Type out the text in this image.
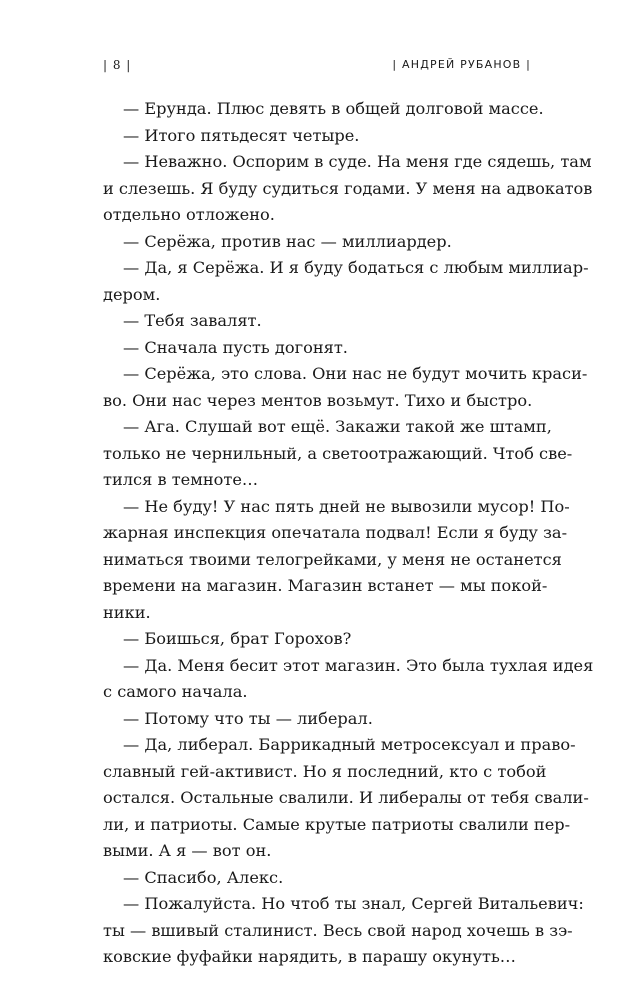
| 8 |	| АНДРЕЙ РУБАНОВ |
— Ерунда. Плюс девять в общей долговой массе.
— Итого пятьдесят четыре.
— Неважно. Оспорим в суде. На меня где сядешь, там
и слезешь. Я буду судиться годами. У меня на адвокатов
отдельно отложено.
— Серёжа, против нас — миллиардер.
— Да, я Серёжа. И я буду бодаться с любым миллиар-
дером.
— Тебя завалят.
— Сначала пусть догонят.
— Серёжа, это слова. Они нас не будут мочить краси-
во. Они нас через ментов возьмут. Тихо и быстро.
— Ага. Слушай вот ещё. Закажи такой же штамп,
только не чернильный, а светоотражающий. Чтоб све-
тился в темноте…
— Не буду! У нас пять дней не вывозили мусор! По-
жарная инспекция опечатала подвал! Если я буду за-
ниматься твоими телогрейками, у меня не останется
времени на магазин. Магазин встанет — мы покой-
ники.
— Боишься, брат Горохов?
— Да. Меня бесит этот магазин. Это была тухлая идея
с самого начала.
— Потому что ты — либерал.
— Да, либерал. Баррикадный метросексуал и право-
славный гей-активист. Но я последний, кто с тобой
остался. Остальные свалили. И либералы от тебя свали-
ли, и патриоты. Самые крутые патриоты свалили пер-
выми. А я — вот он.
— Спасибо, Алекс.
— Пожалуйста. Но чтоб ты знал, Сергей Витальевич:
ты — вшивый сталинист. Весь свой народ хочешь в зэ-
ковские фуфайки нарядить, в парашу окунуть…
